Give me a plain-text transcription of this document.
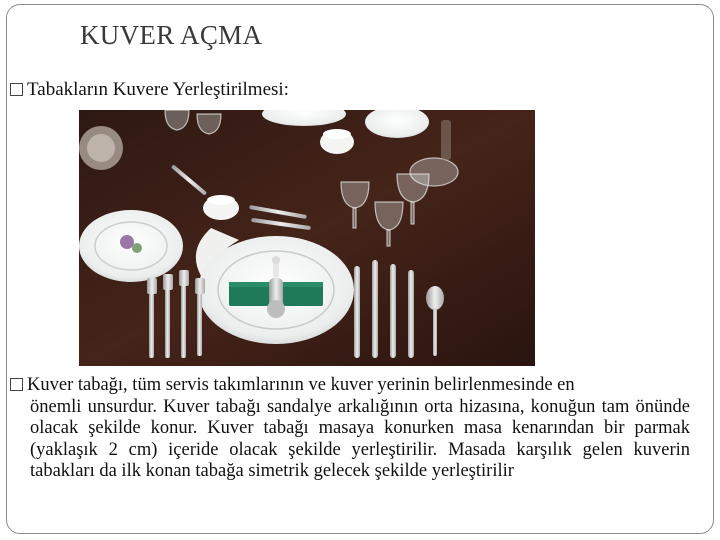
KUVER AÇMA
Tabakların Kuvere Yerleştirilmesi:
Kuver tabağı, tüm servis takımlarının ve kuver yerinin belirlenmesinde en
önemli unsurdur. Kuver tabağı sandalye arkalığının orta hizasına, konuğun tam önünde olacak şekilde konur. Kuver tabağı masaya konurken masa kenarından bir parmak (yaklaşık 2 cm) içeride olacak şekilde yerleştirilir. Masada karşılık gelen kuverin tabakları da ilk konan tabağa simetrik gelecek şekilde yerleştirilir
